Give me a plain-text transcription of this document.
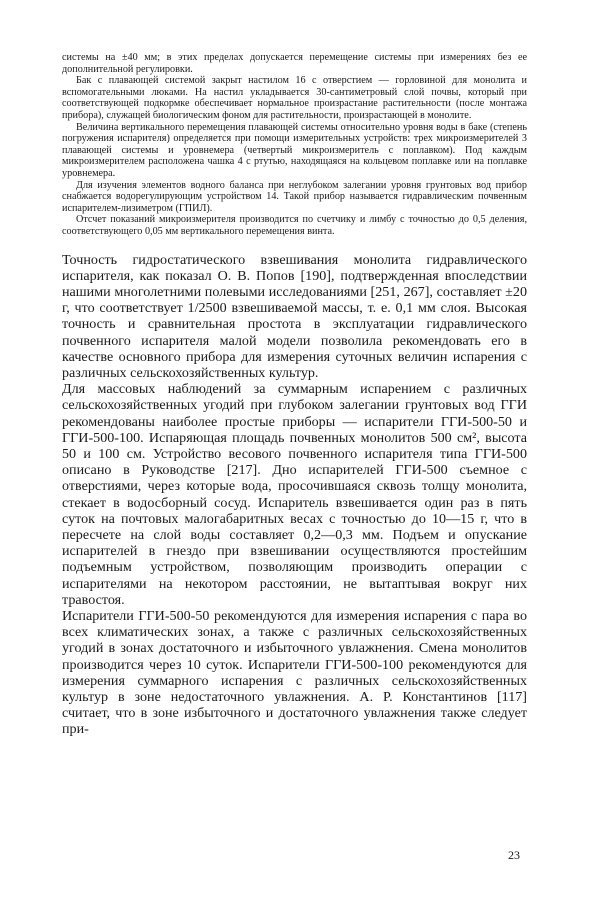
системы на ±40 мм; в этих пределах допускается перемещение системы при измерениях без ее дополнительной регулировки.

Бак с плавающей системой закрыт настилом 16 с отверстием — горловиной для монолита и вспомогательными люками. На настил укладывается 30-сантиметровый слой почвы, который при соответствующей подкормке обеспечивает нормальное произрастание растительности (после монтажа прибора), служащей биологическим фоном для растительности, произрастающей в монолите.

Величина вертикального перемещения плавающей системы относительно уровня воды в баке (степень погружения испарителя) определяется при помощи измерительных устройств: трех микроизмерителей 3 плавающей системы и уровнемера (четвертый микроизмеритель с поплавком). Под каждым микроизмерителем расположена чашка 4 с ртутью, находящаяся на кольцевом поплавке или на поплавке уровнемера.

Для изучения элементов водного баланса при неглубоком залегании уровня грунтовых вод прибор снабжается водорегулирующим устройством 14. Такой прибор называется гидравлическим почвенным испарителем-лизиметром (ГПИЛ).

Отсчет показаний микроизмерителя производится по счетчику и лимбу с точностью до 0,5 деления, соответствующего 0,05 мм вертикального перемещения винта.

Точность гидростатического взвешивания монолита гидравлического испарителя, как показал О. В. Попов [190], подтвержденная впоследствии нашими многолетними полевыми исследованиями [251, 267], составляет ±20 г, что соответствует 1/2500 взвешиваемой массы, т. е. 0,1 мм слоя. Высокая точность и сравнительная простота в эксплуатации гидравлического почвенного испарителя малой модели позволила рекомендовать его в качестве основного прибора для измерения суточных величин испарения с различных сельскохозяйственных культур.

Для массовых наблюдений за суммарным испарением с различных сельскохозяйственных угодий при глубоком залегании грунтовых вод ГГИ рекомендованы наиболее простые приборы — испарители ГГИ-500-50 и ГГИ-500-100. Испаряющая площадь почвенных монолитов 500 см², высота 50 и 100 см. Устройство весового почвенного испарителя типа ГГИ-500 описано в Руководстве [217]. Дно испарителей ГГИ-500 съемное с отверстиями, через которые вода, просочившаяся сквозь толщу монолита, стекает в водосборный сосуд. Испаритель взвешивается один раз в пять суток на почтовых малогабаритных весах с точностью до 10—15 г, что в пересчете на слой воды составляет 0,2—0,3 мм. Подъем и опускание испарителей в гнездо при взвешивании осуществляются простейшим подъемным устройством, позволяющим производить операции с испарителями на некотором расстоянии, не вытаптывая вокруг них травостоя.

Испарители ГГИ-500-50 рекомендуются для измерения испарения с пара во всех климатических зонах, а также с различных сельскохозяйственных угодий в зонах достаточного и избыточного увлажнения. Смена монолитов производится через 10 суток. Испарители ГГИ-500-100 рекомендуются для измерения суммарного испарения с различных сельскохозяйственных культур в зоне недостаточного увлажнения. А. Р. Константинов [117] считает, что в зоне избыточного и достаточного увлажнения также следует при-

23
